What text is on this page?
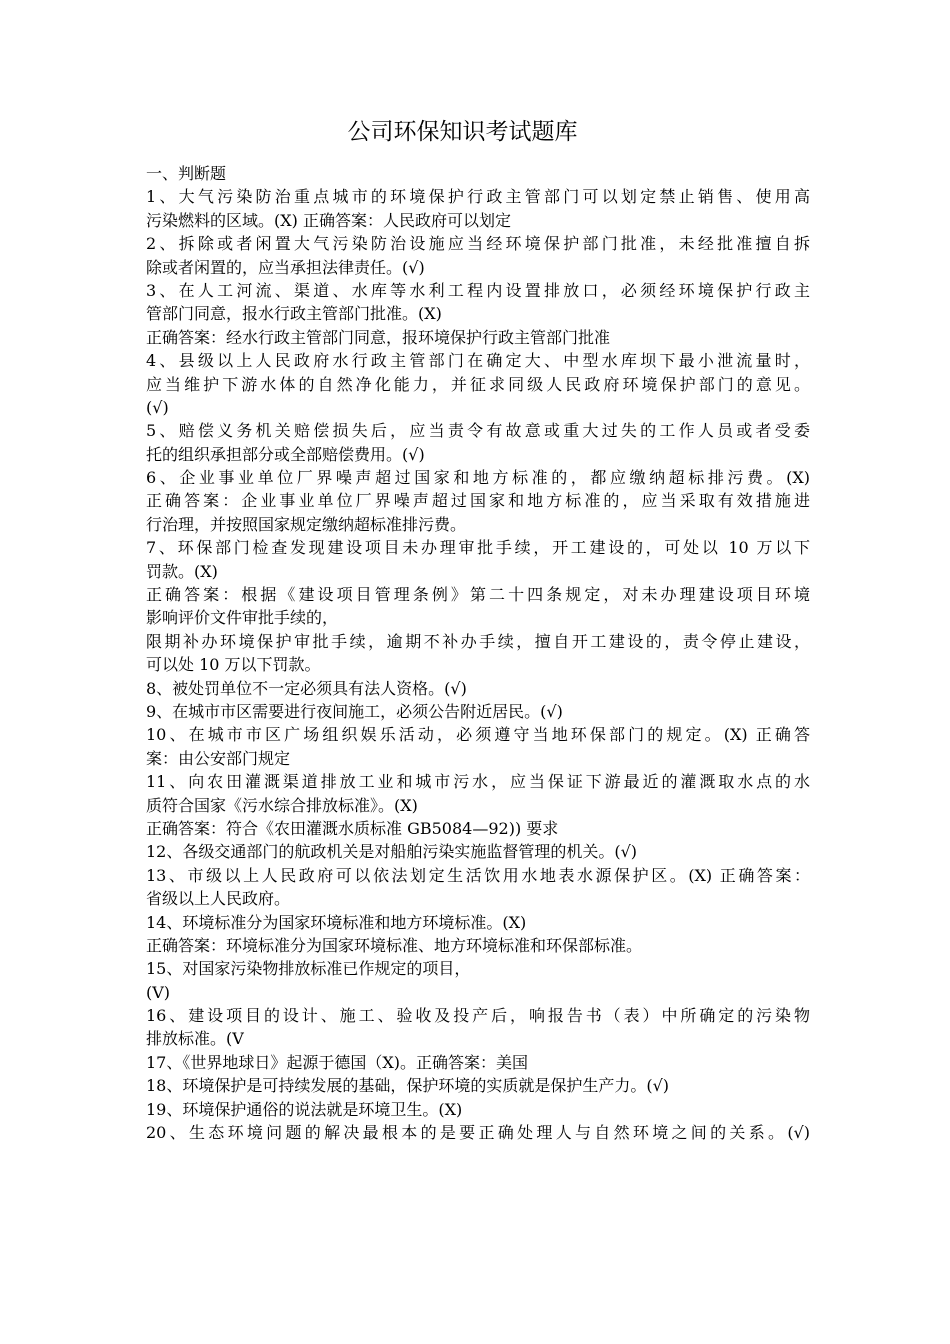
公司环保知识考试题库
一、判断题
1、大气污染防治重点城市的环境保护行政主管部门可以划定禁止销售、使用高
污染燃料的区域。(X) 正确答案：人民政府可以划定
2、拆除或者闲置大气污染防治设施应当经环境保护部门批准，未经批准擅自拆
除或者闲置的，应当承担法律责任。(√)
3、在人工河流、渠道、水库等水利工程内设置排放口，必须经环境保护行政主
管部门同意，报水行政主管部门批准。(X)
正确答案：经水行政主管部门同意，报环境保护行政主管部门批准
4、县级以上人民政府水行政主管部门在确定大、中型水库坝下最小泄流量时，
应当维护下游水体的自然净化能力，并征求同级人民政府环境保护部门的意见。
(√)
5、赔偿义务机关赔偿损失后，应当责令有故意或重大过失的工作人员或者受委
托的组织承担部分或全部赔偿费用。(√)
6、企业事业单位厂界噪声超过国家和地方标准的，都应缴纳超标排污费。(X)
正确答案：企业事业单位厂界噪声超过国家和地方标准的，应当采取有效措施进
行治理，并按照国家规定缴纳超标准排污费。
7、环保部门检查发现建设项目未办理审批手续，开工建设的，可处以 10 万以下
罚款。(X)
正确答案：根据《建设项目管理条例》第二十四条规定，对未办理建设项目环境
影响评价文件审批手续的，
限期补办环境保护审批手续，逾期不补办手续，擅自开工建设的，责令停止建设，
可以处 10 万以下罚款。
8、被处罚单位不一定必须具有法人资格。(√)
9、在城市市区需要进行夜间施工，必须公告附近居民。(√)
10、在城市市区广场组织娱乐活动，必须遵守当地环保部门的规定。(X) 正确答
案：由公安部门规定
11、向农田灌溉渠道排放工业和城市污水，应当保证下游最近的灌溉取水点的水
质符合国家《污水综合排放标准》。(X)
正确答案：符合《农田灌溉水质标准 GB5084—92)) 要求
12、各级交通部门的航政机关是对船舶污染实施监督管理的机关。(√)
13、市级以上人民政府可以依法划定生活饮用水地表水源保护区。(X) 正确答案：
省级以上人民政府。
14、环境标准分为国家环境标准和地方环境标准。(X)
正确答案：环境标准分为国家环境标准、地方环境标准和环保部标准。
15、对国家污染物排放标准已作规定的项目，
(V)
16、建设项目的设计、施工、验收及投产后，响报告书（表）中所确定的污染物
排放标准。(V
17、《世界地球日》起源于德国（X)。正确答案：美国
18、环境保护是可持续发展的基础，保护环境的实质就是保护生产力。(√)
19、环境保护通俗的说法就是环境卫生。(X)
20、生态环境问题的解决最根本的是要正确处理人与自然环境之间的关系。(√)
